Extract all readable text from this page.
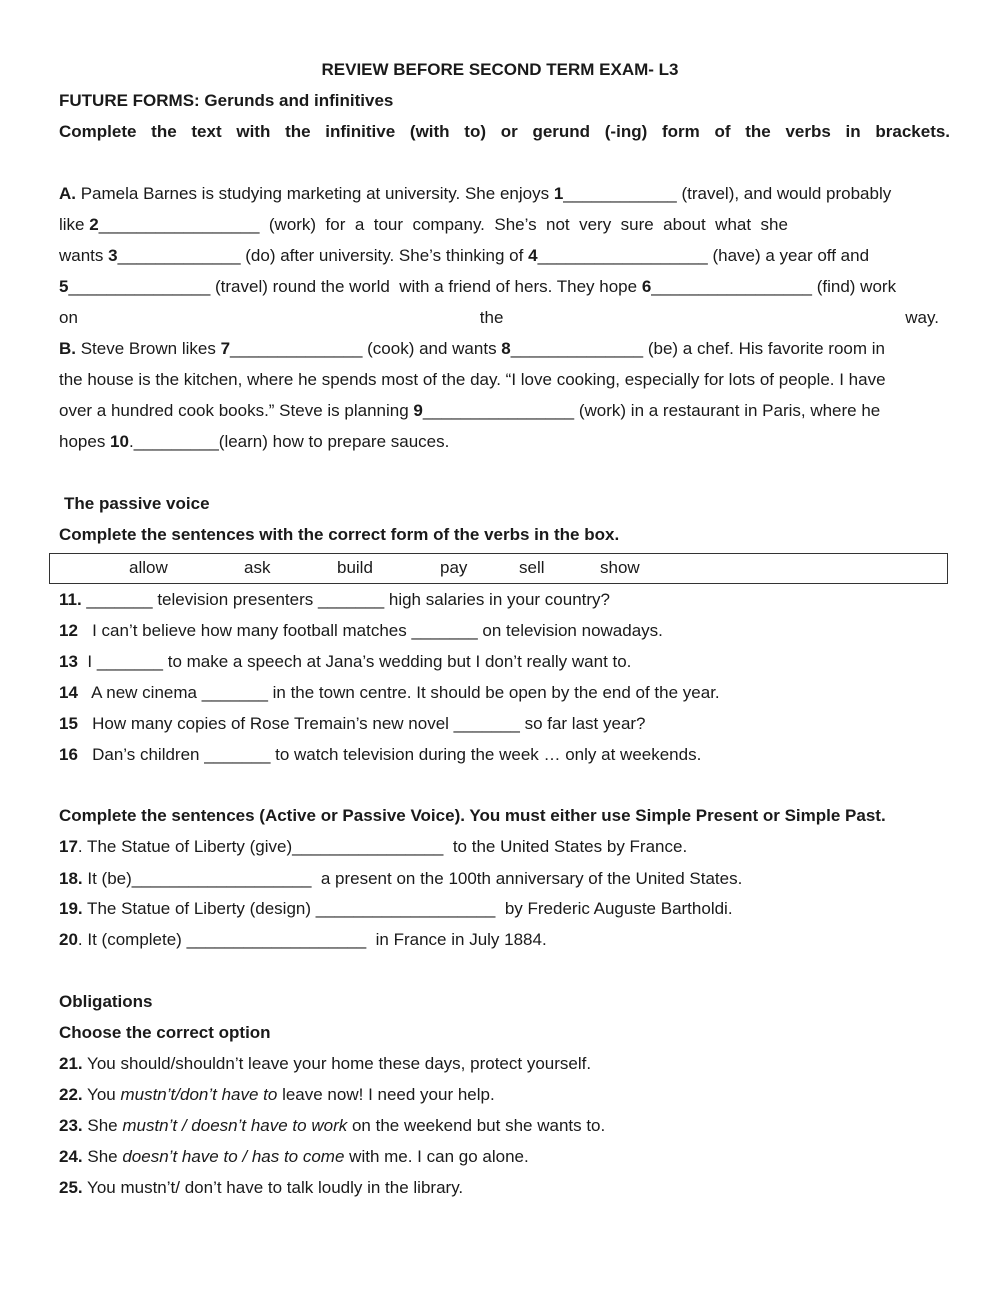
REVIEW BEFORE SECOND TERM EXAM- L3
FUTURE FORMS: Gerunds and infinitives
Complete the text with the infinitive (with to) or gerund (-ing) form of the verbs in brackets.
A. Pamela Barnes is studying marketing at university. She enjoys 1____________ (travel), and would probably
like 2_________________  (work)  for  a  tour  company.  She’s  not  very  sure  about  what  she
wants 3_____________ (do) after university. She’s thinking of 4__________________ (have) a year off and
5_______________ (travel) round the world  with a friend of hers. They hope 6_________________ (find) work
on	the	way.
B. Steve Brown likes 7______________ (cook) and wants 8______________ (be) a chef. His favorite room in
the house is the kitchen, where he spends most of the day. “I love cooking, especially for lots of people. I have
over a hundred cook books.” Steve is planning 9________________ (work) in a restaurant in Paris, where he
hopes 10._________(learn) how to prepare sauces.
The passive voice
Complete the sentences with the correct form of the verbs in the box.
allow	ask	build	pay	sell	show
11. _______ television presenters _______ high salaries in your country?
12   I can’t believe how many football matches _______ on television nowadays.
13  I _______ to make a speech at Jana’s wedding but I don’t really want to.
14   A new cinema _______ in the town centre. It should be open by the end of the year.
15   How many copies of Rose Tremain’s new novel _______ so far last year?
16   Dan’s children _______ to watch television during the week … only at weekends.
Complete the sentences (Active or Passive Voice). You must either use Simple Present or Simple Past.
17. The Statue of Liberty (give)________________  to the United States by France.
18. It (be)___________________  a present on the 100th anniversary of the United States.
19. The Statue of Liberty (design) ___________________  by Frederic Auguste Bartholdi.
20. It (complete) ___________________  in France in July 1884.
Obligations
Choose the correct option
21. You should/shouldn’t leave your home these days, protect yourself.
22. You mustn’t/don’t have to leave now! I need your help.
23. She mustn’t / doesn’t have to work on the weekend but she wants to.
24. She doesn’t have to / has to come with me. I can go alone.
25. You mustn’t/ don’t have to talk loudly in the library.
